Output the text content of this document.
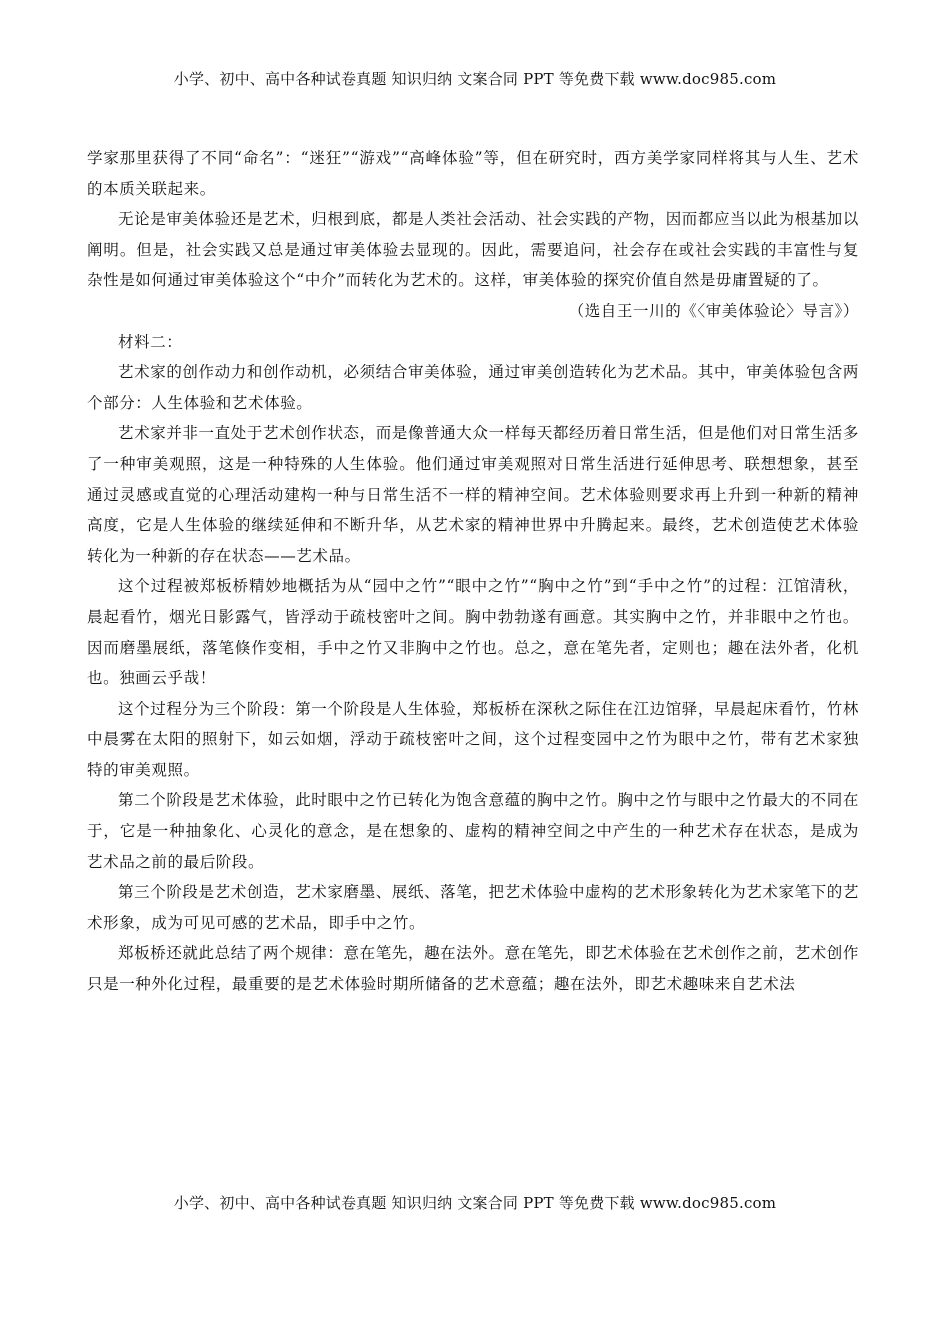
小学、初中、高中各种试卷真题 知识归纳 文案合同 PPT 等免费下载 www.doc985.com

学家那里获得了不同“命名”：“迷狂”“游戏”“高峰体验”等，但在研究时，西方美学家同样将其与人生、艺术的本质关联起来。

无论是审美体验还是艺术，归根到底，都是人类社会活动、社会实践的产物，因而都应当以此为根基加以阐明。但是，社会实践又总是通过审美体验去显现的。因此，需要追问，社会存在或社会实践的丰富性与复杂性是如何通过审美体验这个“中介”而转化为艺术的。这样，审美体验的探究价值自然是毋庸置疑的了。

（选自王一川的《〈审美体验论〉导言》）

材料二：

艺术家的创作动力和创作动机，必须结合审美体验，通过审美创造转化为艺术品。其中，审美体验包含两个部分：人生体验和艺术体验。

艺术家并非一直处于艺术创作状态，而是像普通大众一样每天都经历着日常生活，但是他们对日常生活多了一种审美观照，这是一种特殊的人生体验。他们通过审美观照对日常生活进行延伸思考、联想想象，甚至通过灵感或直觉的心理活动建构一种与日常生活不一样的精神空间。艺术体验则要求再上升到一种新的精神高度，它是人生体验的继续延伸和不断升华，从艺术家的精神世界中升腾起来。最终，艺术创造使艺术体验转化为一种新的存在状态——艺术品。

这个过程被郑板桥精妙地概括为从“园中之竹”“眼中之竹”“胸中之竹”到“手中之竹”的过程：江馆清秋，晨起看竹，烟光日影露气，皆浮动于疏枝密叶之间。胸中勃勃遂有画意。其实胸中之竹，并非眼中之竹也。因而磨墨展纸，落笔倏作变相，手中之竹又非胸中之竹也。总之，意在笔先者，定则也；趣在法外者，化机也。独画云乎哉！

这个过程分为三个阶段：第一个阶段是人生体验，郑板桥在深秋之际住在江边馆驿，早晨起床看竹，竹林中晨雾在太阳的照射下，如云如烟，浮动于疏枝密叶之间，这个过程变园中之竹为眼中之竹，带有艺术家独特的审美观照。

第二个阶段是艺术体验，此时眼中之竹已转化为饱含意蕴的胸中之竹。胸中之竹与眼中之竹最大的不同在于，它是一种抽象化、心灵化的意念，是在想象的、虚构的精神空间之中产生的一种艺术存在状态，是成为艺术品之前的最后阶段。

第三个阶段是艺术创造，艺术家磨墨、展纸、落笔，把艺术体验中虚构的艺术形象转化为艺术家笔下的艺术形象，成为可见可感的艺术品，即手中之竹。

郑板桥还就此总结了两个规律：意在笔先，趣在法外。意在笔先，即艺术体验在艺术创作之前，艺术创作只是一种外化过程，最重要的是艺术体验时期所储备的艺术意蕴；趣在法外，即艺术趣味来自艺术法

小学、初中、高中各种试卷真题 知识归纳 文案合同 PPT 等免费下载 www.doc985.com
